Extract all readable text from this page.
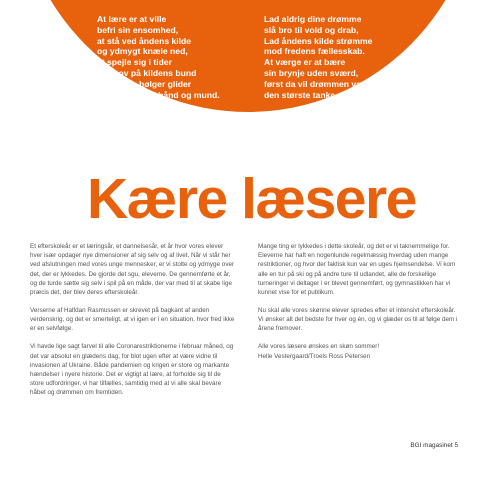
At lære er at ville
befri sin ensomhed,
at stå ved åndens kilde
og ydmygt knæle ned,
at spejle sig i tider
Der sov på kildens bund
mens nye bølger glider
som tegn mod hånd og mund.
Lad aldrig dine drømme
slå bro til vold og drab,
Lad åndens kilde strømme
mod fredens fællesskab.
At værge er at bære
sin brynje uden sværd,
først da vil drømmen være
den største tanke nær.
(Halfdan Rasmussen, 1949)
Kære læsere

Et efterskoleår er et læringsår, et dannelsesår, et år hvor vores elever hver især opdager nye dimensioner af sig selv og af livet. Når vi står her ved afslutningen med vores unge mennesker, er vi stolte og ydmyge over det, der er lykkedes. De gjorde det sgu, eleverne. De gennemførte et år, og de turde sætte sig selv i spil på en måde, der var med til at skabe lige præcis det, der blev deres efterskoleår.

Verserne af Halfdan Rasmussen er skrevet på bagkant af anden verdenskrig, og det er smerteligt, at vi igen er i en situation, hvor fred ikke er en selvfølge.

Vi havde lige sagt farvel til alle Coronarestriktionerne i februar måned, og det var absolut en glædens dag, for blot ugen efter at være vidne til invasionen af Ukraine. Både pandemien og krigen er store og markante hændelser i nyere historie. Det er vigtigt at lære, at forholde sig til de store udfordringer, vi har tilfælles, samtidig med at vi alle skal bevare håbet og drømmen om fremtiden.

Mange ting er lykkedes i dette skoleår, og det er vi taknemmelige for. Eleverne har haft en nogenlunde regelmæssig hverdag uden mange restriktioner, og hvor der faktisk kun var en uges hjemsendelse. Vi kom alle en tur på ski og på andre ture til udlandet, alle de forskellige turneringer vi deltager i er blevet gennemført, og gymnastikken har vi kunnet vise for et publikum.

Nu skal alle vores skønne elever spredes efter et intensivt efterskoleår. Vi ønsker alt det bedste for hver og én, og vi glæder os til at følge dem i årene fremover.

Alle vores læsere ønskes en skøn sommer!
Helle Vestergaard/Troels Ross Petersen

BGI magasinet 5
